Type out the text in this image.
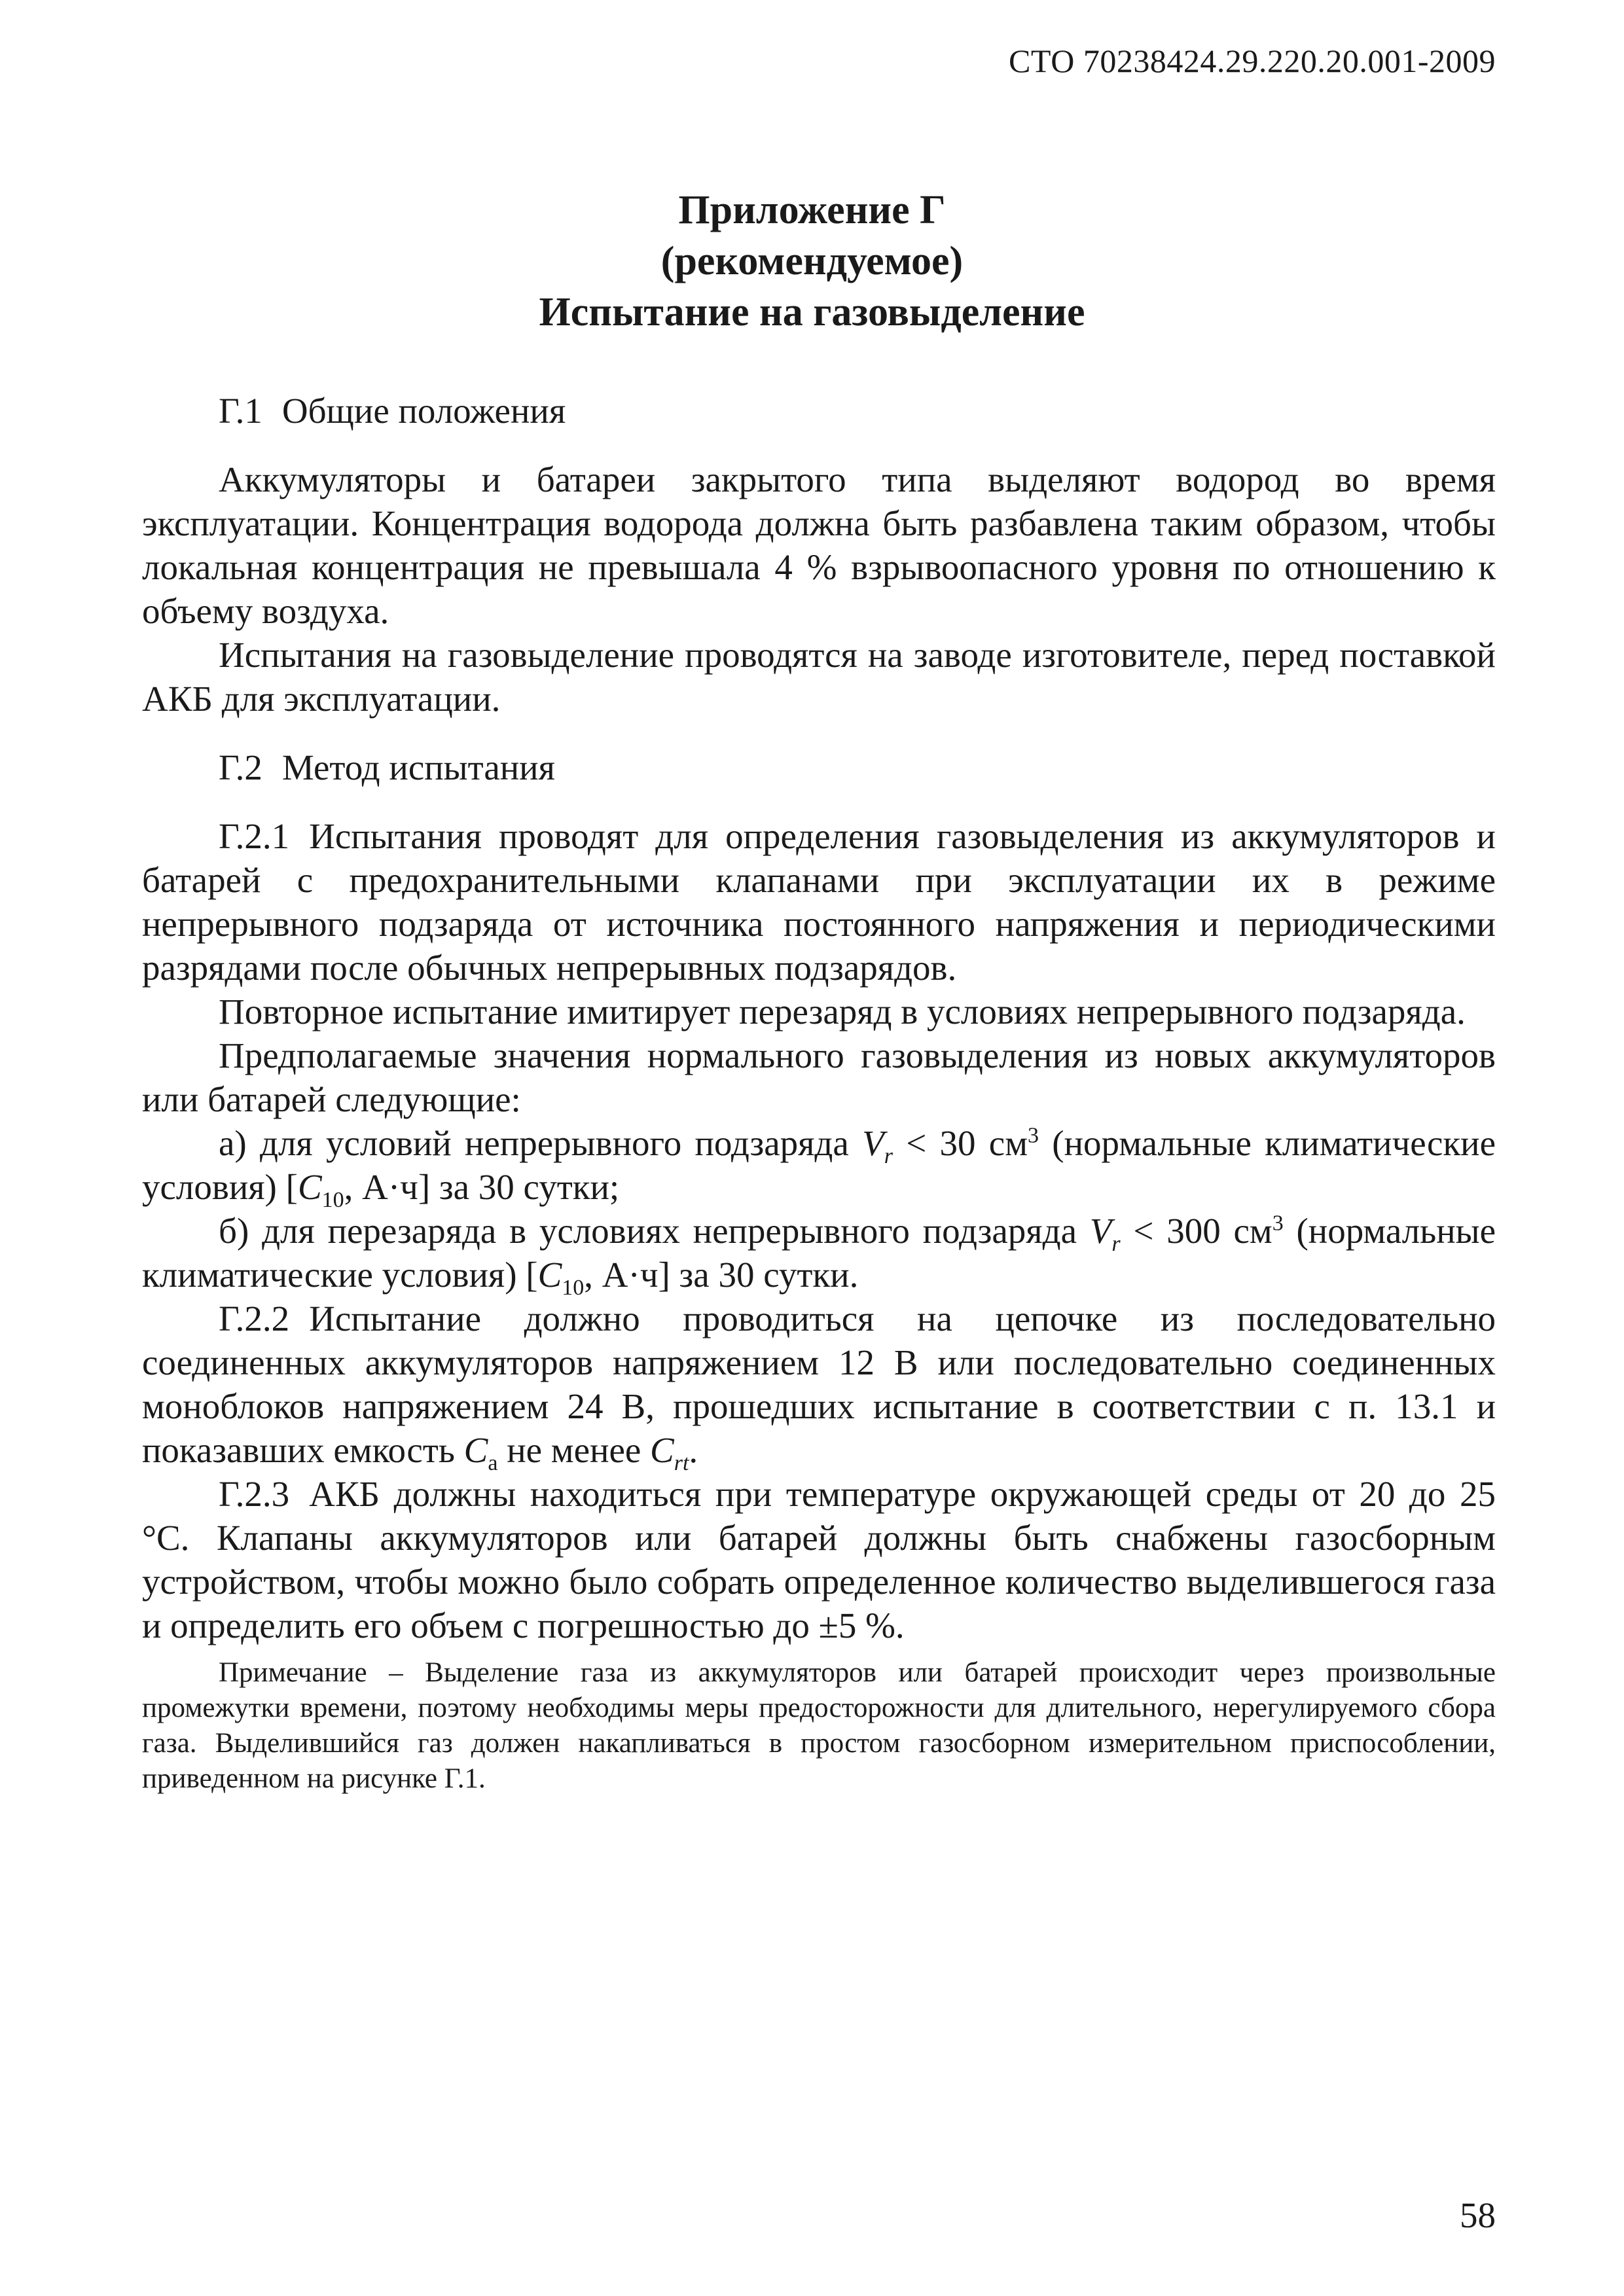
СТО 70238424.29.220.20.001-2009
Приложение Г
(рекомендуемое)
Испытание на газовыделение

Г.1 Общие положения

Аккумуляторы и батареи закрытого типа выделяют водород во время эксплуатации. Концентрация водорода должна быть разбавлена таким образом, чтобы локальная концентрация не превышала 4 % взрывоопасного уровня по отношению к объему воздуха.

Испытания на газовыделение проводятся на заводе изготовителе, перед поставкой АКБ для эксплуатации.

Г.2 Метод испытания

Г.2.1 Испытания проводят для определения газовыделения из аккумуляторов и батарей с предохранительными клапанами при эксплуатации их в режиме непрерывного подзаряда от источника постоянного напряжения и периодическими разрядами после обычных непрерывных подзарядов.

Повторное испытание имитирует перезаряд в условиях непрерывного подзаряда.

Предполагаемые значения нормального газовыделения из новых аккумуляторов или батарей следующие:

а) для условий непрерывного подзаряда $V_r < 30$ $см^3$ (нормальные климатические условия) [$C_{10}$, А·ч] за 30 сутки;

б) для перезаряда в условиях непрерывного подзаряда $V_r < 300$ $см^3$ (нормальные климатические условия) [$C_{10}$, А·ч] за 30 сутки.

Г.2.2 Испытание должно проводиться на цепочке из последовательно соединенных аккумуляторов напряжением 12 В или последовательно соединенных моноблоков напряжением 24 В, прошедших испытание в соответствии с п. 13.1 и показавших емкость $C_a$ не менее $C_{rt}$.

Г.2.3 АКБ должны находиться при температуре окружающей среды от 20 до 25 °С. Клапаны аккумуляторов или батарей должны быть снабжены газосборным устройством, чтобы можно было собрать определенное количество выделившегося газа и определить его объем с погрешностью до ±5 %.

Примечание – Выделение газа из аккумуляторов или батарей происходит через произвольные промежутки времени, поэтому необходимы меры предосторожности для длительного, нерегулируемого сбора газа. Выделившийся газ должен накапливаться в простом газосборном измерительном приспособлении, приведенном на рисунке Г.1.

58
